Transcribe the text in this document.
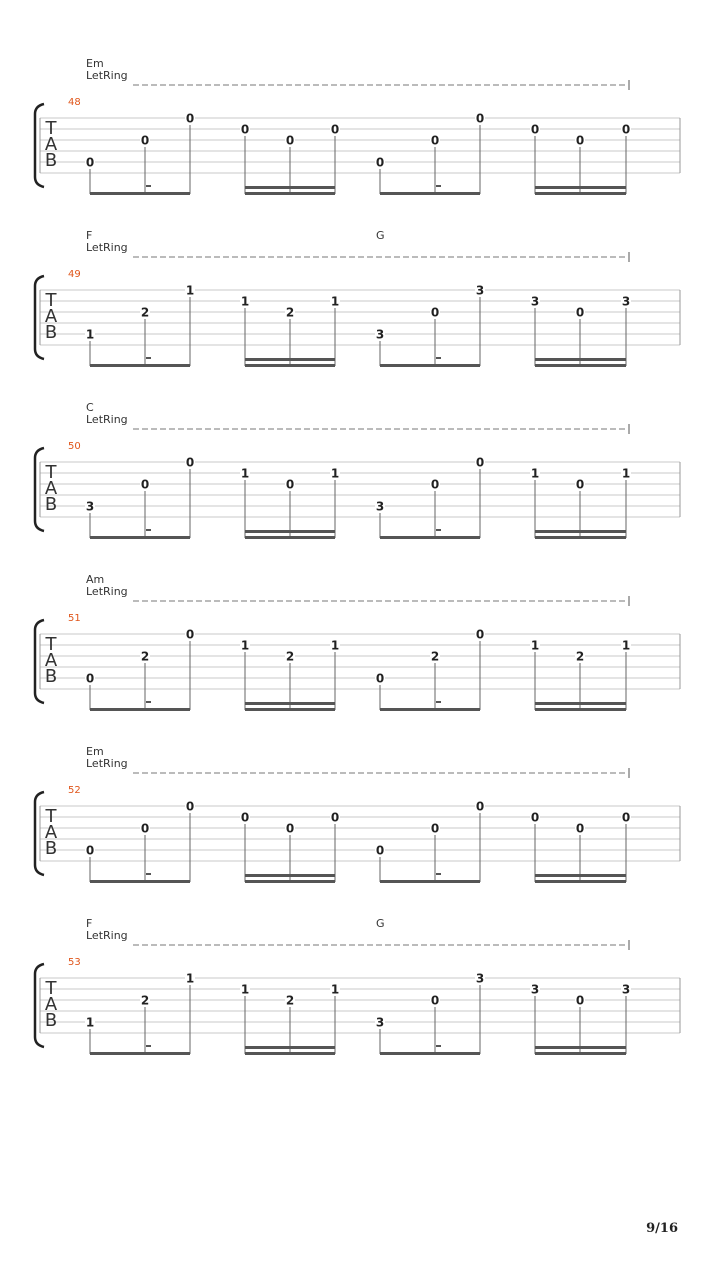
Em
LetRing
48
T
A
B 0
0
0
0
0
0
0
0
0
0
0
0
F	G
LetRing
49
T
A
B 1
2
1
1
2
1
3
0
3
3
0
3
C
LetRing
50
T
A
B 3
0
0
1
0
1
3
0
0
1
0
1
Am
LetRing
51
T
A
B 0
2
0
1
2
1
0
2
0
1
2
1
Em
LetRing
52
T
A
B 0
0
0
0
0
0
0
0
0
0
0
0
F	G
LetRing
53
T
A
B 1
2
1
1
2
1
3
0
3
3
0
3
9/16
